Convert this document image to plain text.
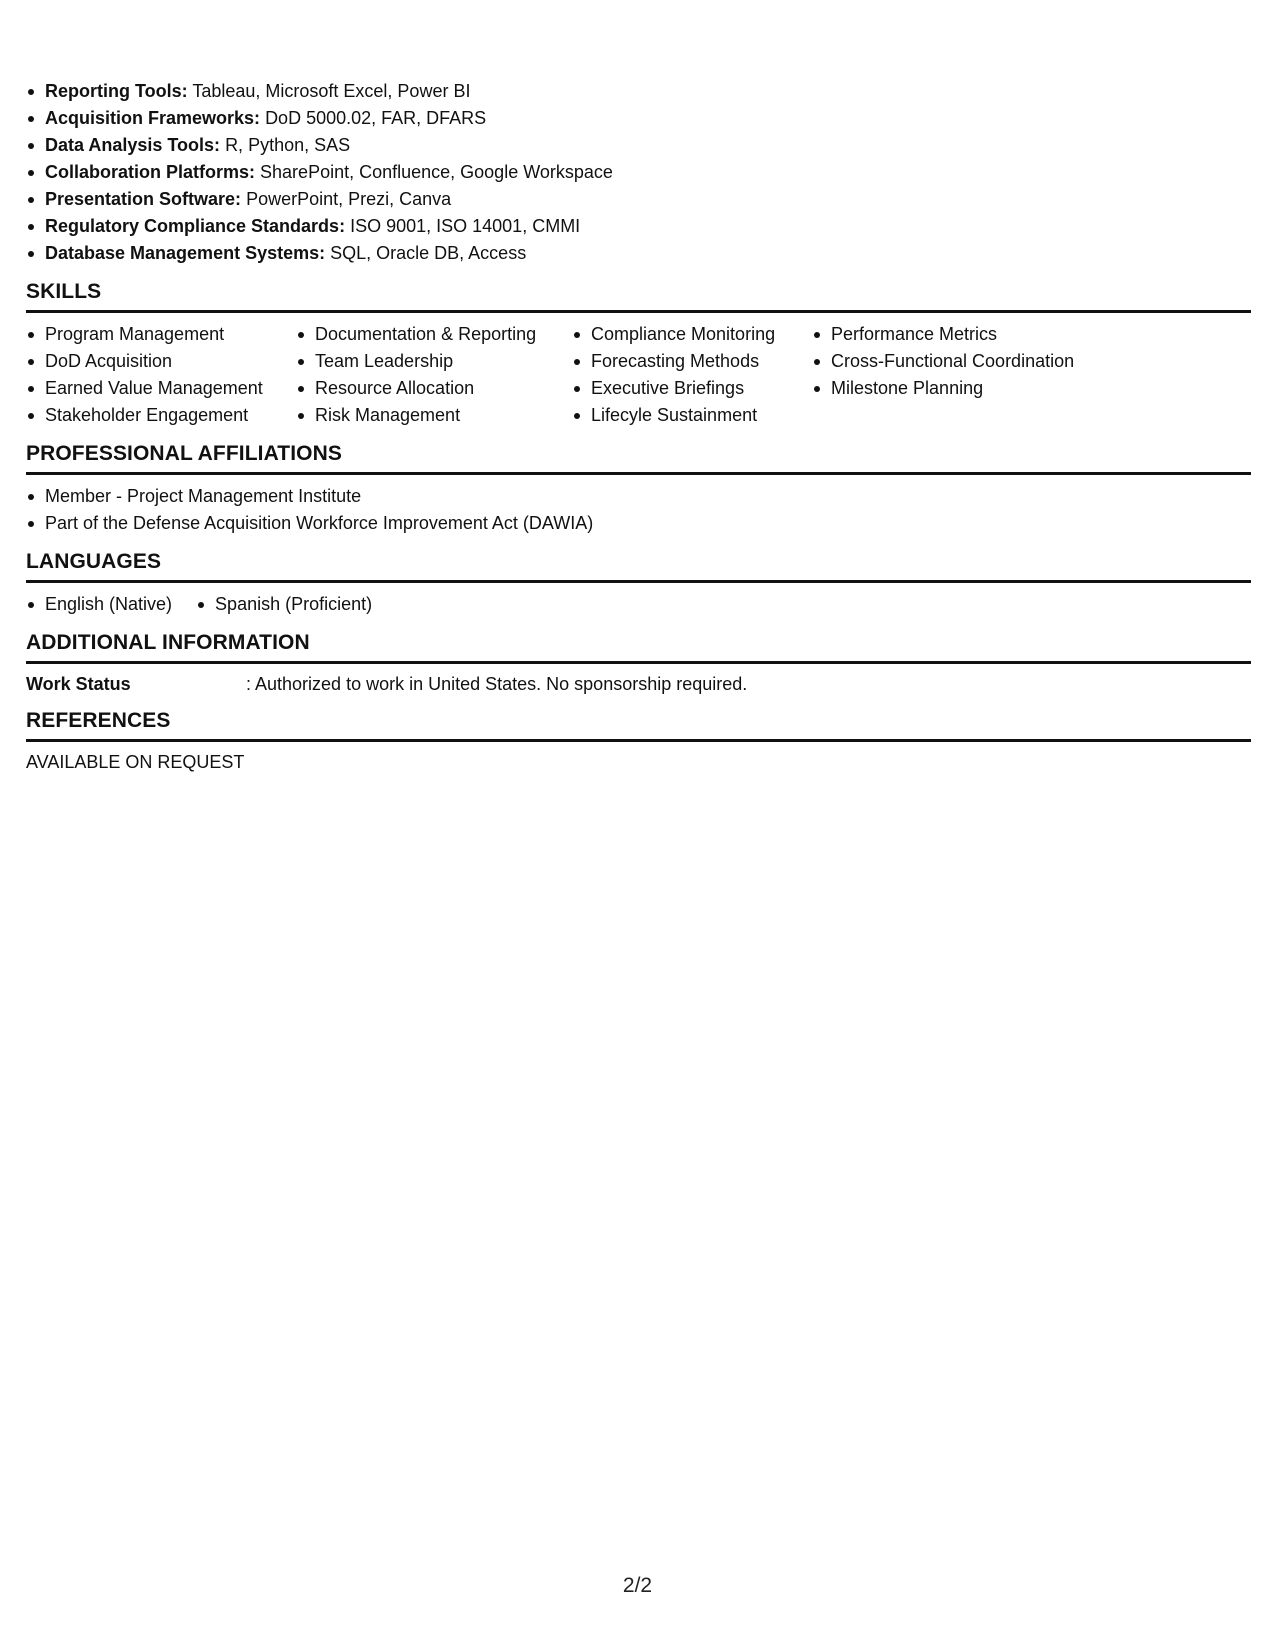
Reporting Tools: Tableau, Microsoft Excel, Power BI
Acquisition Frameworks: DoD 5000.02, FAR, DFARS
Data Analysis Tools: R, Python, SAS
Collaboration Platforms: SharePoint, Confluence, Google Workspace
Presentation Software: PowerPoint, Prezi, Canva
Regulatory Compliance Standards: ISO 9001, ISO 14001, CMMI
Database Management Systems: SQL, Oracle DB, Access
SKILLS
Program Management
DoD Acquisition
Earned Value Management
Stakeholder Engagement
Documentation & Reporting
Team Leadership
Resource Allocation
Risk Management
Compliance Monitoring
Forecasting Methods
Executive Briefings
Lifecyle Sustainment
Performance Metrics
Cross-Functional Coordination
Milestone Planning
PROFESSIONAL AFFILIATIONS
Member - Project Management Institute
Part of the Defense Acquisition Workforce Improvement Act (DAWIA)
LANGUAGES
English (Native)	Spanish (Proficient)
ADDITIONAL INFORMATION
Work Status	: Authorized to work in United States. No sponsorship required.
REFERENCES
AVAILABLE ON REQUEST
2/2
